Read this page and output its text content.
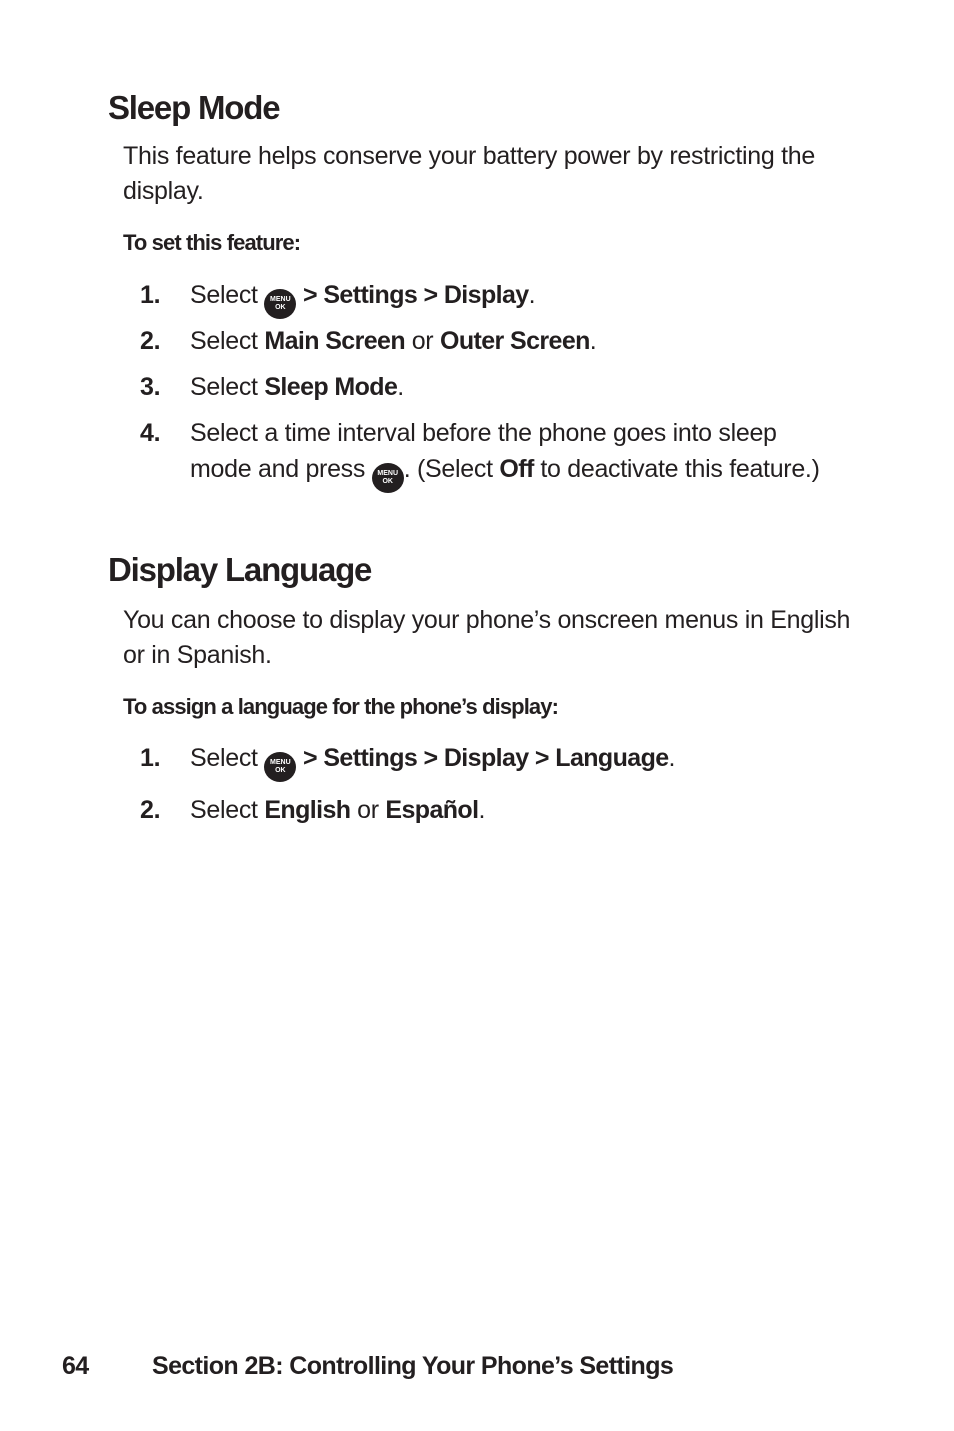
Sleep Mode

This feature helps conserve your battery power by restricting the display.

To set this feature:

1. Select	MENU
OK > Settings > Display.
2. Select Main Screen or Outer Screen.
3. Select Sleep Mode.
4. Select a time interval before the phone goes into sleep mode and press	MENU
OK . (Select Off to deactivate this feature.)
Display Language

You can choose to display your phone’s onscreen menus in English or in Spanish.

To assign a language for the phone’s display:

1. Select	MENU
OK > Settings > Display > Language.
2. Select English or Español.
64	Section 2B: Controlling Your Phone’s Settings
